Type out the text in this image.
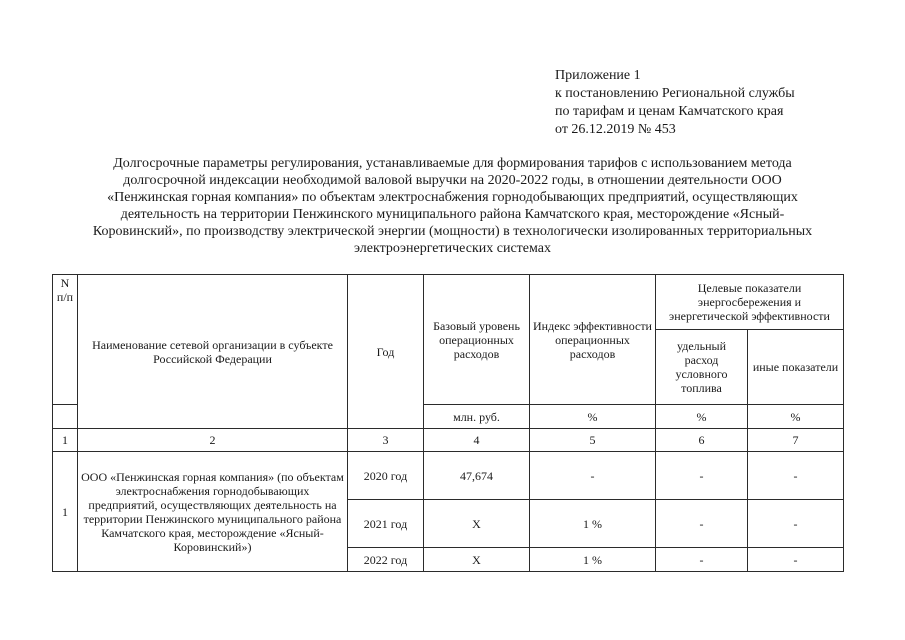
Приложение 1
к постановлению Региональной службы
по тарифам и ценам Камчатского края
от 26.12.2019 № 453
Долгосрочные параметры регулирования, устанавливаемые для формирования тарифов с использованием метода
долгосрочной индексации необходимой валовой выручки на 2020-2022 годы, в отношении деятельности ООО
«Пенжинская горная компания» по объектам электроснабжения горнодобывающих предприятий, осуществляющих
деятельность на территории Пенжинского муниципального района Камчатского края, месторождение «Ясный-
Коровинский», по производству электрической энергии (мощности) в технологически изолированных территориальных
электроэнергетических системах
N п/п	Наименование сетевой организации в субъекте Российской Федерации	Год	Базовый уровень операционных расходов	Индекс эффективности операционных расходов	Целевые показатели энергосбережения и энергетической эффективности	
					удельный расход условного топлива	иные показатели
			млн. руб.	%	%	%
1	2	3	4	5	6	7
1	ООО «Пенжинская горная компания» (по объектам электроснабжения горнодобывающих предприятий, осуществляющих деятельность на территории Пенжинского муниципального района Камчатского края, месторождение «Ясный-Коровинский»)	2020 год	47,674	-	-	-
		2021 год	X	1 %	-	-
		2022 год	X	1 %	-	-
